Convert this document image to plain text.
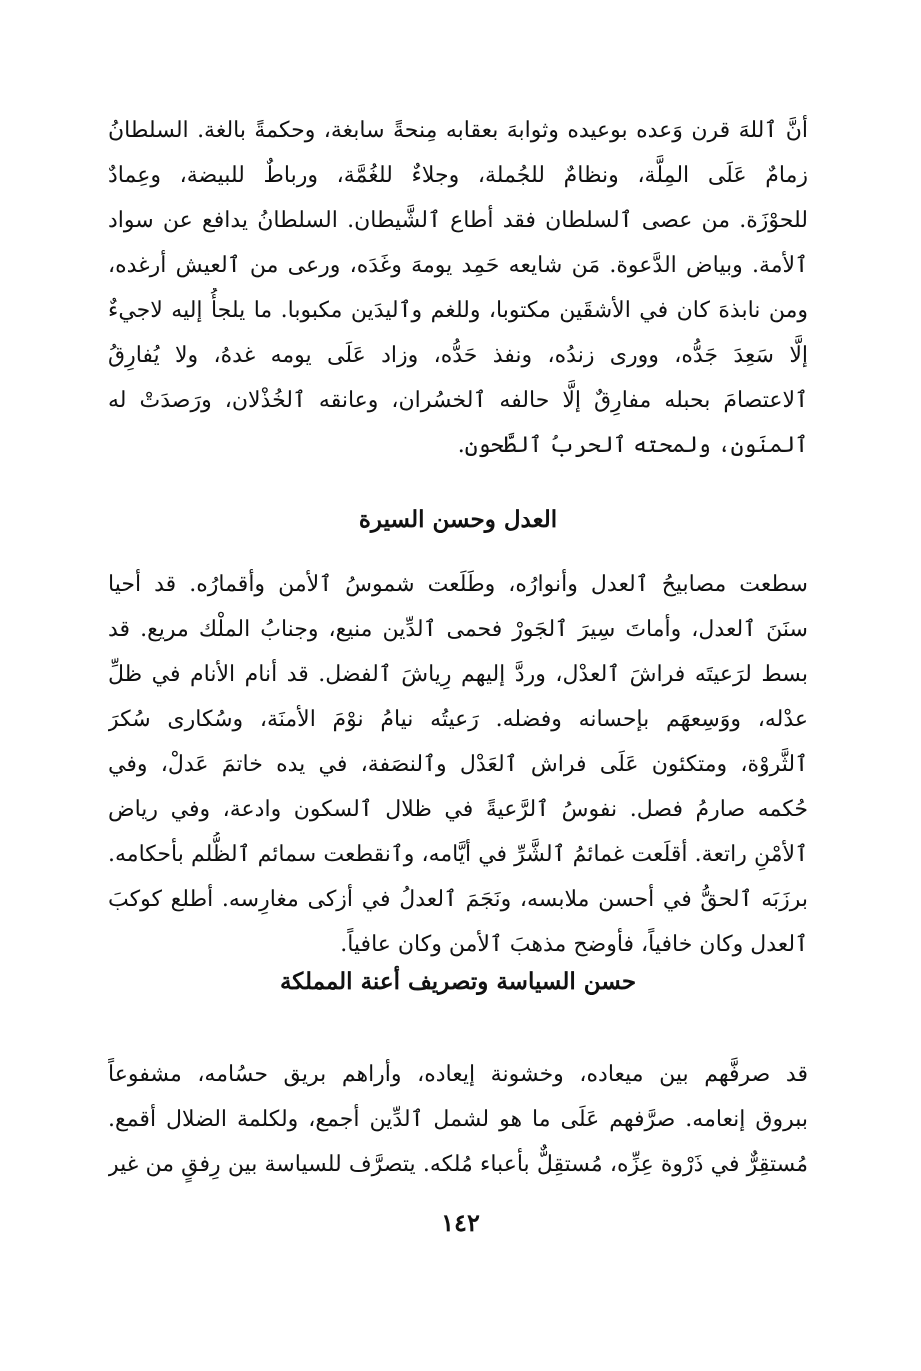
أنَّ ٱللهَ قرن وَعده بوعيده وثوابهَ بعقابه مِنحةً سابغة، وحكمةً بالغة. السلطانُ
زمامٌ عَلَى المِلَّة، ونظامٌ للجُملة، وجلاءٌ للغُمَّة، ورباطٌ للبيضة، وعِمادٌ
للحوْزَة. من عصى ٱلسلطان فقد أطاع ٱلشَّيطان. السلطانُ يدافع عن سواد
ٱلأمة. وبياض الدَّعوة. مَن شايعه حَمِد يومهَ وغَدَه، ورعى من ٱلعيش أرغده،
ومن نابذهَ كان في الأشقَين مكتوبا، وللغم وٱليدَين مكبوبا. ما يلجأُ إليه لاجيءٌ
إلَّا سَعِدَ جَدُّه، وورى زندُه، ونفذ حَدُّه، وزاد عَلَى يومه غدهُ، ولا يُفارِقُ
ٱلاعتصامَ بحبله مفارِقٌ إلَّا حالفه ٱلخسُران، وعانقه ٱلخُذْلان، ورَصدَتْ له
ٱلمنَون، ولمحته ٱلحربُ ٱلطَّحون.
العدل وحسن السيرة
سطعت مصابيحُ ٱلعدل وأنوارُه، وطَلَعت شموسُ ٱلأمن وأقمارُه. قد أحيا
سنَنَ ٱلعدل، وأماتَ سِيرَ ٱلجَورْ فحمى ٱلدِّين منيع، وجنابُ الملْك مريع. قد
بسط لرَعيتَه فراشَ ٱلعدْل، وردَّ إليهم رِياشَ ٱلفضل. قد أنام الأنام في ظلِّ
عدْله، ووَسِعهَم بإحسانه وفضله. رَعيتُه نيامُ نوْمَ الأمنَة، وسُكارى سُكرَ
ٱلثَّروْة، ومتكئون عَلَى فراش ٱلعَدْل وٱلنصَفة، في يده خاتمَ عَدلْ، وفي
حُكمه صارمُ فصل. نفوسُ ٱلرَّعيةً في ظلال ٱلسكون وادعة، وفي رياض
ٱلأمْنِ راتعة. أقلَعت غمائمُ ٱلشَّرِّ في أيَّامه، وٱنقطعت سمائم ٱلظُّلم بأحكامه.
برزَبَه ٱلحقُّ في أحسن ملابسه، ونَجَمَ ٱلعدلُ في أزكى مغارِسه. أطلع كوكبَ
ٱلعدل وكان خافياً، فأوضح مذهبَ ٱلأمن وكان عافياً.
حسن السياسة وتصريف أعنة المملكة
قد صرفَّهم بين ميعاده، وخشونة إيعاده، وأراهم بريق حسُامه، مشفوعاً
ببروق إنعامه. صرَّفهم عَلَى ما هو لشمل ٱلدِّين أجمع، ولكلمة الضلال أقمع.
مُستقِرٌّ في ذَرْوة عِزِّه، مُستقِلٌّ بأعباء مُلكه. يتصرَّف للسياسة بين رِفقٍ من غير
١٤٢
